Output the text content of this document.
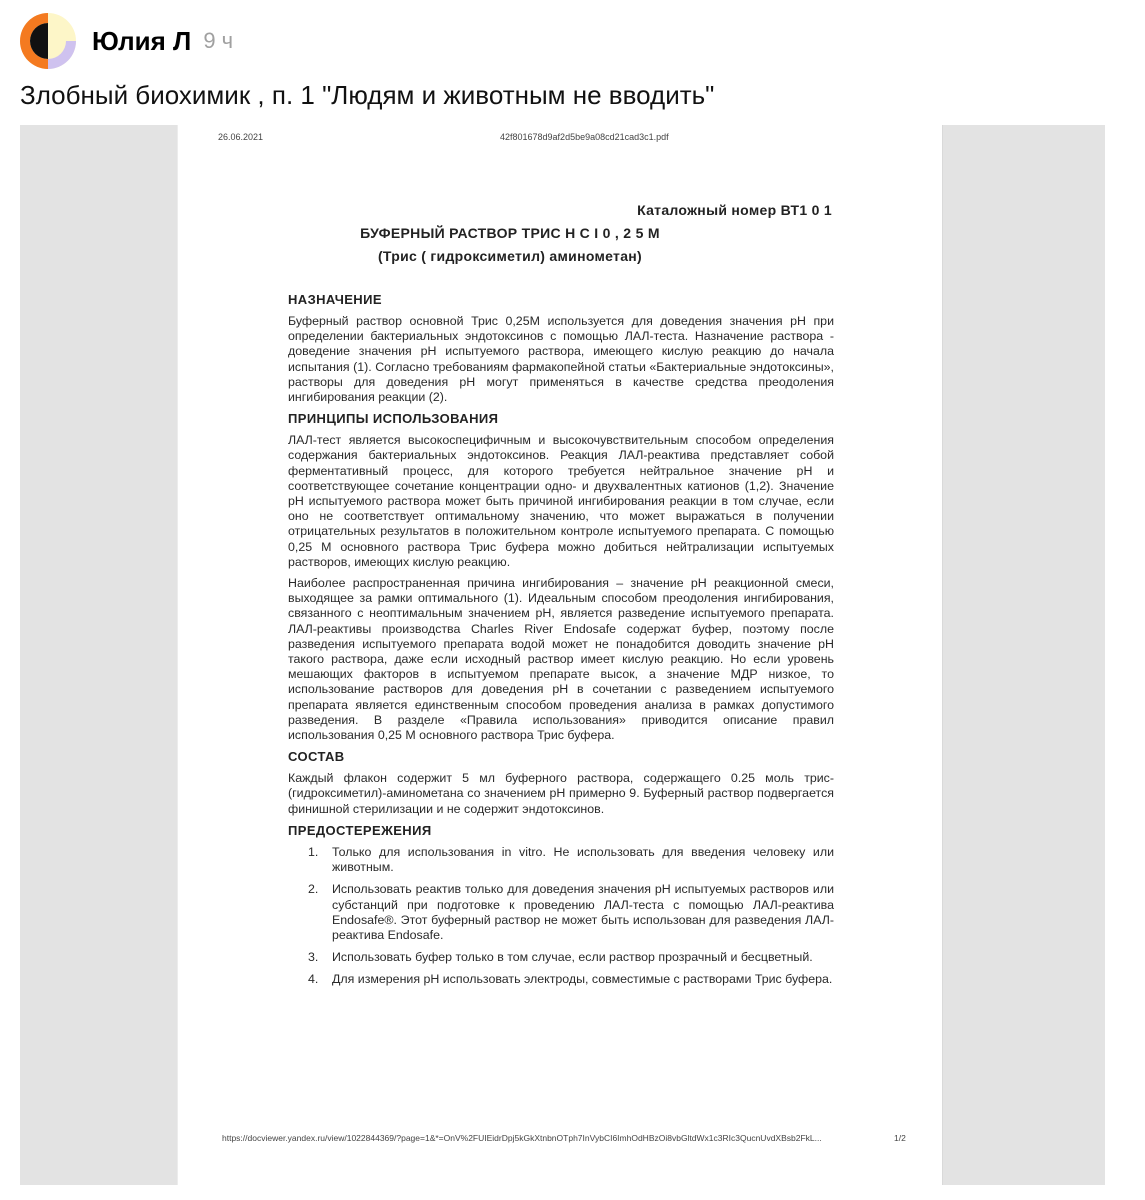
Юлия Л 9 ч
Злобный биохимик , п. 1 "Людям и животным не вводить"
26.06.2021	42f801678d9af2d5be9a08cd21cad3c1.pdf
Каталожный номер ВТ1 0 1
БУФЕРНЫЙ РАСТВОР ТРИС Н С I 0 , 2 5 М
(Трис ( гидроксиметил) аминометан)
НАЗНАЧЕНИЕ

Буферный раствор основной Трис 0,25М используется для доведения значения рН при определении бактериальных эндотоксинов с помощью ЛАЛ-теста. Назначение раствора - доведение значения рН испытуемого раствора, имеющего кислую реакцию до начала испытания (1). Согласно требованиям фармакопейной статьи «Бактериальные эндотоксины», растворы для доведения рН могут применяться в качестве средства преодоления ингибирования реакции (2).

ПРИНЦИПЫ ИСПОЛЬЗОВАНИЯ

ЛАЛ-тест является высокоспецифичным и высокочувствительным способом определения содержания бактериальных эндотоксинов. Реакция ЛАЛ-реактива представляет собой ферментативный процесс, для которого требуется нейтральное значение рН и соответствующее сочетание концентрации одно- и двухвалентных катионов (1,2). Значение рН испытуемого раствора может быть причиной ингибирования реакции в том случае, если оно не соответствует оптимальному значению, что может выражаться в получении отрицательных результатов в положительном контроле испытуемого препарата. С помощью 0,25 М основного раствора Трис буфера можно добиться нейтрализации испытуемых растворов, имеющих кислую реакцию.

Наиболее распространенная причина ингибирования – значение рН реакционной смеси, выходящее за рамки оптимального (1). Идеальным способом преодоления ингибирования, связанного с неоптимальным значением рН, является разведение испытуемого препарата. ЛАЛ-реактивы производства Charles River Endosafe содержат буфер, поэтому после разведения испытуемого препарата водой может не понадобится доводить значение рН такого раствора, даже если исходный раствор имеет кислую реакцию. Но если уровень мешающих факторов в испытуемом препарате высок, а значение МДР низкое, то использование растворов для доведения рН в сочетании с разведением испытуемого препарата является единственным способом проведения анализа в рамках допустимого разведения. В разделе «Правила использования» приводится описание правил использования 0,25 М основного раствора Трис буфера.

СОСТАВ

Каждый флакон содержит 5 мл буферного раствора, содержащего 0.25 моль трис-(гидроксиметил)-аминометана со значением рН примерно 9. Буферный раствор подвергается финишной стерилизации и не содержит эндотоксинов.

ПРЕДОСТЕРЕЖЕНИЯ
1. Только для использования in vitro. Не использовать для введения человеку или животным.
2. Использовать реактив только для доведения значения рН испытуемых растворов или субстанций при подготовке к проведению ЛАЛ-теста с помощью ЛАЛ-реактива Endosafe®. Этот буферный раствор не может быть использован для разведения ЛАЛ-реактива Endosafe.
3. Использовать буфер только в том случае, если раствор прозрачный и бесцветный.
4. Для измерения рН использовать электроды, совместимые с растворами Трис буфера.
https://docviewer.yandex.ru/view/1022844369/?page=1&*=OnV%2FUIEidrDpj5kGkXtnbnOTph7InVybCI6ImhOdHBzOi8vbGltdWx1c3RIc3QucnUvdXBsb2FkL...	1/2
